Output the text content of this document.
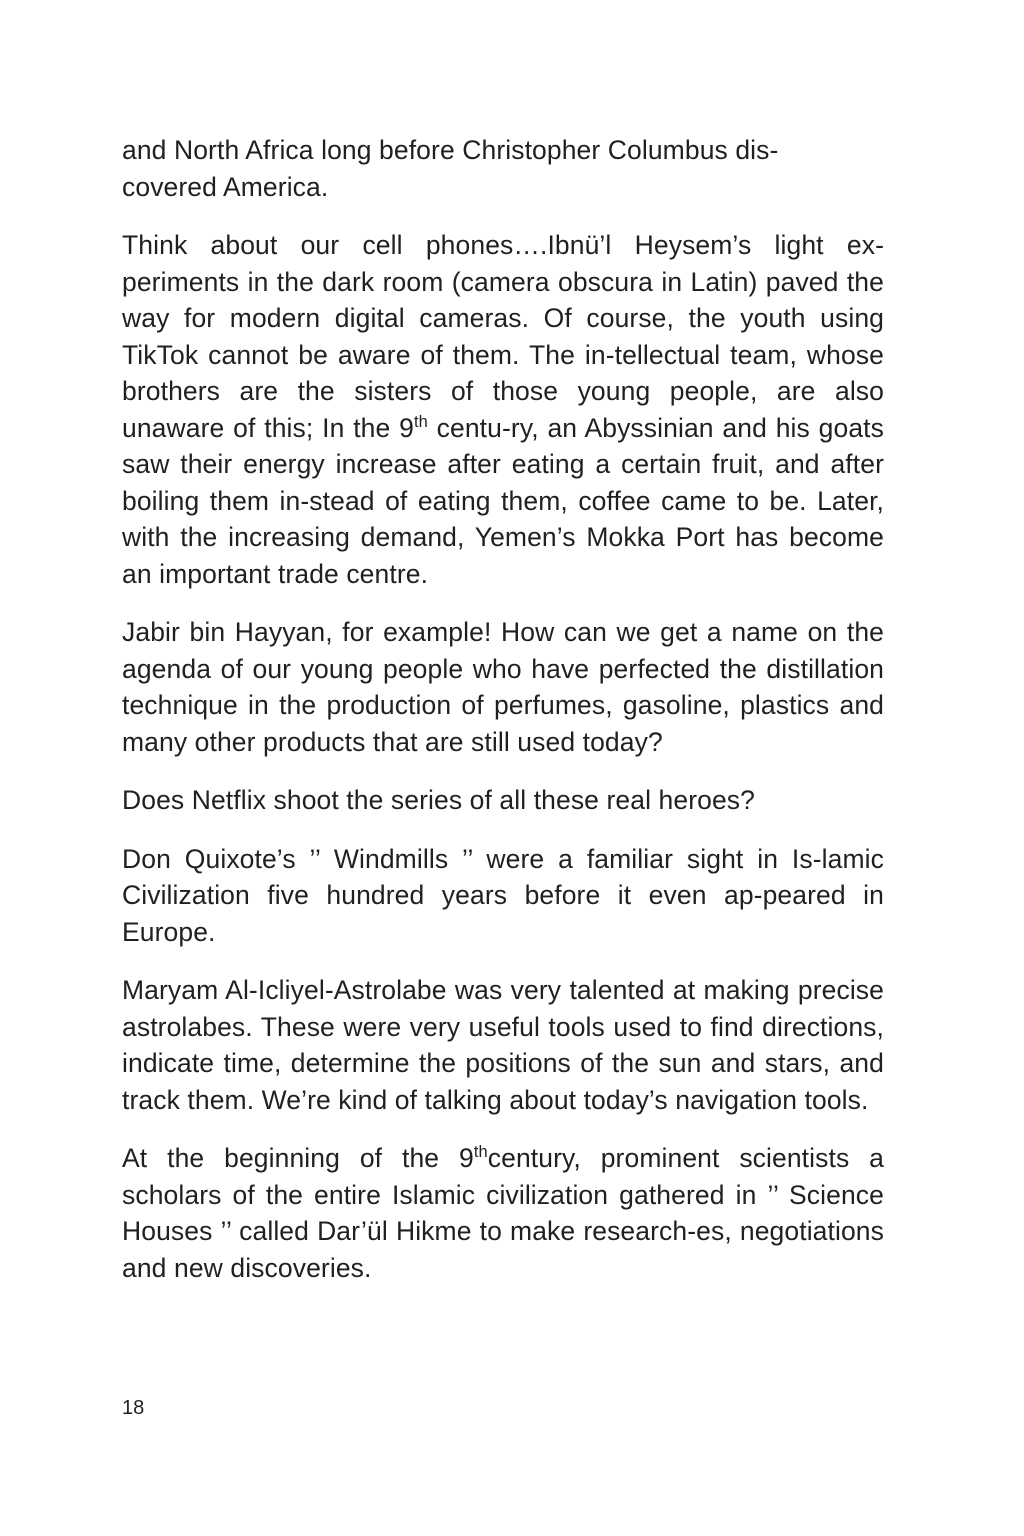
and North Africa long before Christopher Columbus dis-
covered America.

Think about our cell phones….Ibnü’l Heysem’s light ex-periments in the dark room (camera obscura in Latin) paved the way for modern digital cameras. Of course, the youth using TikTok cannot be aware of them. The in-tellectual team, whose brothers are the sisters of those young people, are also unaware of this; In the 9th centu-ry, an Abyssinian and his goats saw their energy increase after eating a certain fruit, and after boiling them in-stead of eating them, coffee came to be. Later, with the increasing demand, Yemen’s Mokka Port has become an important trade centre.

Jabir bin Hayyan, for example! How can we get a name on the agenda of our young people who have perfected the distillation technique in the production of perfumes, gasoline, plastics and many other products that are still used today?

Does Netflix shoot the series of all these real heroes?

Don Quixote’s ’’ Windmills ’’ were a familiar sight in Is-lamic Civilization five hundred years before it even ap-peared in Europe.

Maryam Al-Icliyel-Astrolabe was very talented at making precise astrolabes. These were very useful tools used to find directions, indicate time, determine the positions of the sun and stars, and track them. We’re kind of talking about today’s navigation tools.

At the beginning of the 9thcentury, prominent scientists a scholars of the entire Islamic civilization gathered in ’’ Science Houses ’’ called Dar’ül Hikme to make research-es, negotiations and new discoveries.

18
